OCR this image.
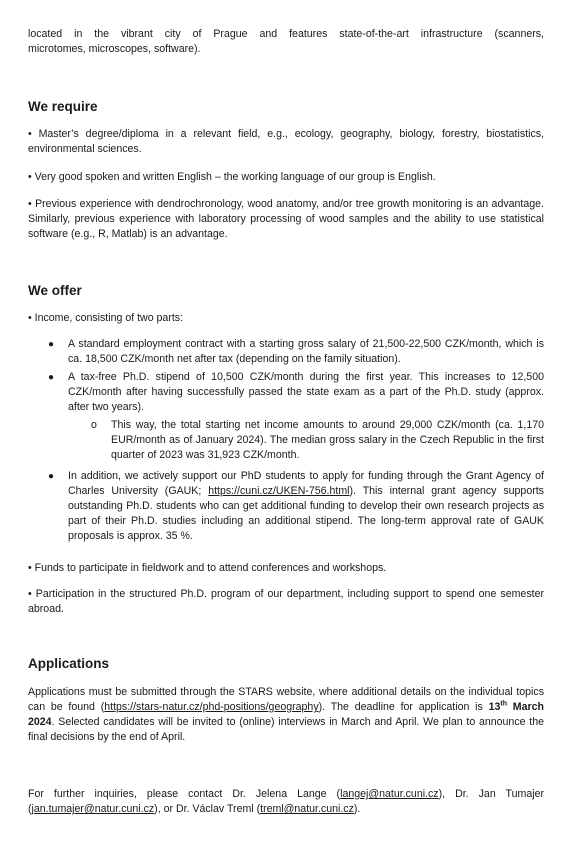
located in the vibrant city of Prague and features state-of-the-art infrastructure (scanners,

microtomes, microscopes, software).

We require

• Master’s degree/diploma in a relevant field, e.g., ecology, geography, biology, forestry, biostatistics, environmental sciences.

• Very good spoken and written English – the working language of our group is English.

• Previous experience with dendrochronology, wood anatomy, and/or tree growth monitoring is an advantage. Similarly, previous experience with laboratory processing of wood samples and the ability to use statistical software (e.g., R, Matlab) is an advantage.

We offer

• Income, consisting of two parts:

● A standard employment contract with a starting gross salary of 21,500-22,500 CZK/month, which is ca. 18,500 CZK/month net after tax (depending on the family situation).

● A tax-free Ph.D. stipend of 10,500 CZK/month during the first year. This increases to 12,500 CZK/month after having successfully passed the state exam as a part of the Ph.D. study (approx. after two years).

o This way, the total starting net income amounts to around 29,000 CZK/month (ca. 1,170 EUR/month as of January 2024). The median gross salary in the Czech Republic in the first quarter of 2023 was 31,923 CZK/month.

● In addition, we actively support our PhD students to apply for funding through the Grant Agency of Charles University (GAUK; https://cuni.cz/UKEN-756.html). This internal grant agency supports outstanding Ph.D. students who can get additional funding to develop their own research projects as part of their Ph.D. studies including an additional stipend. The long-term approval rate of GAUK proposals is approx. 35 %.

• Funds to participate in fieldwork and to attend conferences and workshops.

• Participation in the structured Ph.D. program of our department, including support to spend one semester abroad.

Applications

Applications must be submitted through the STARS website, where additional details on the individual topics can be found (https://stars-natur.cz/phd-positions/geography). The deadline for application is 13th March 2024. Selected candidates will be invited to (online) interviews in March and April. We plan to announce the final decisions by the end of April.

For further inquiries, please contact Dr. Jelena Lange (langej@natur.cuni.cz), Dr. Jan Tumajer (jan.tumajer@natur.cuni.cz), or Dr. Václav Treml (treml@natur.cuni.cz).
